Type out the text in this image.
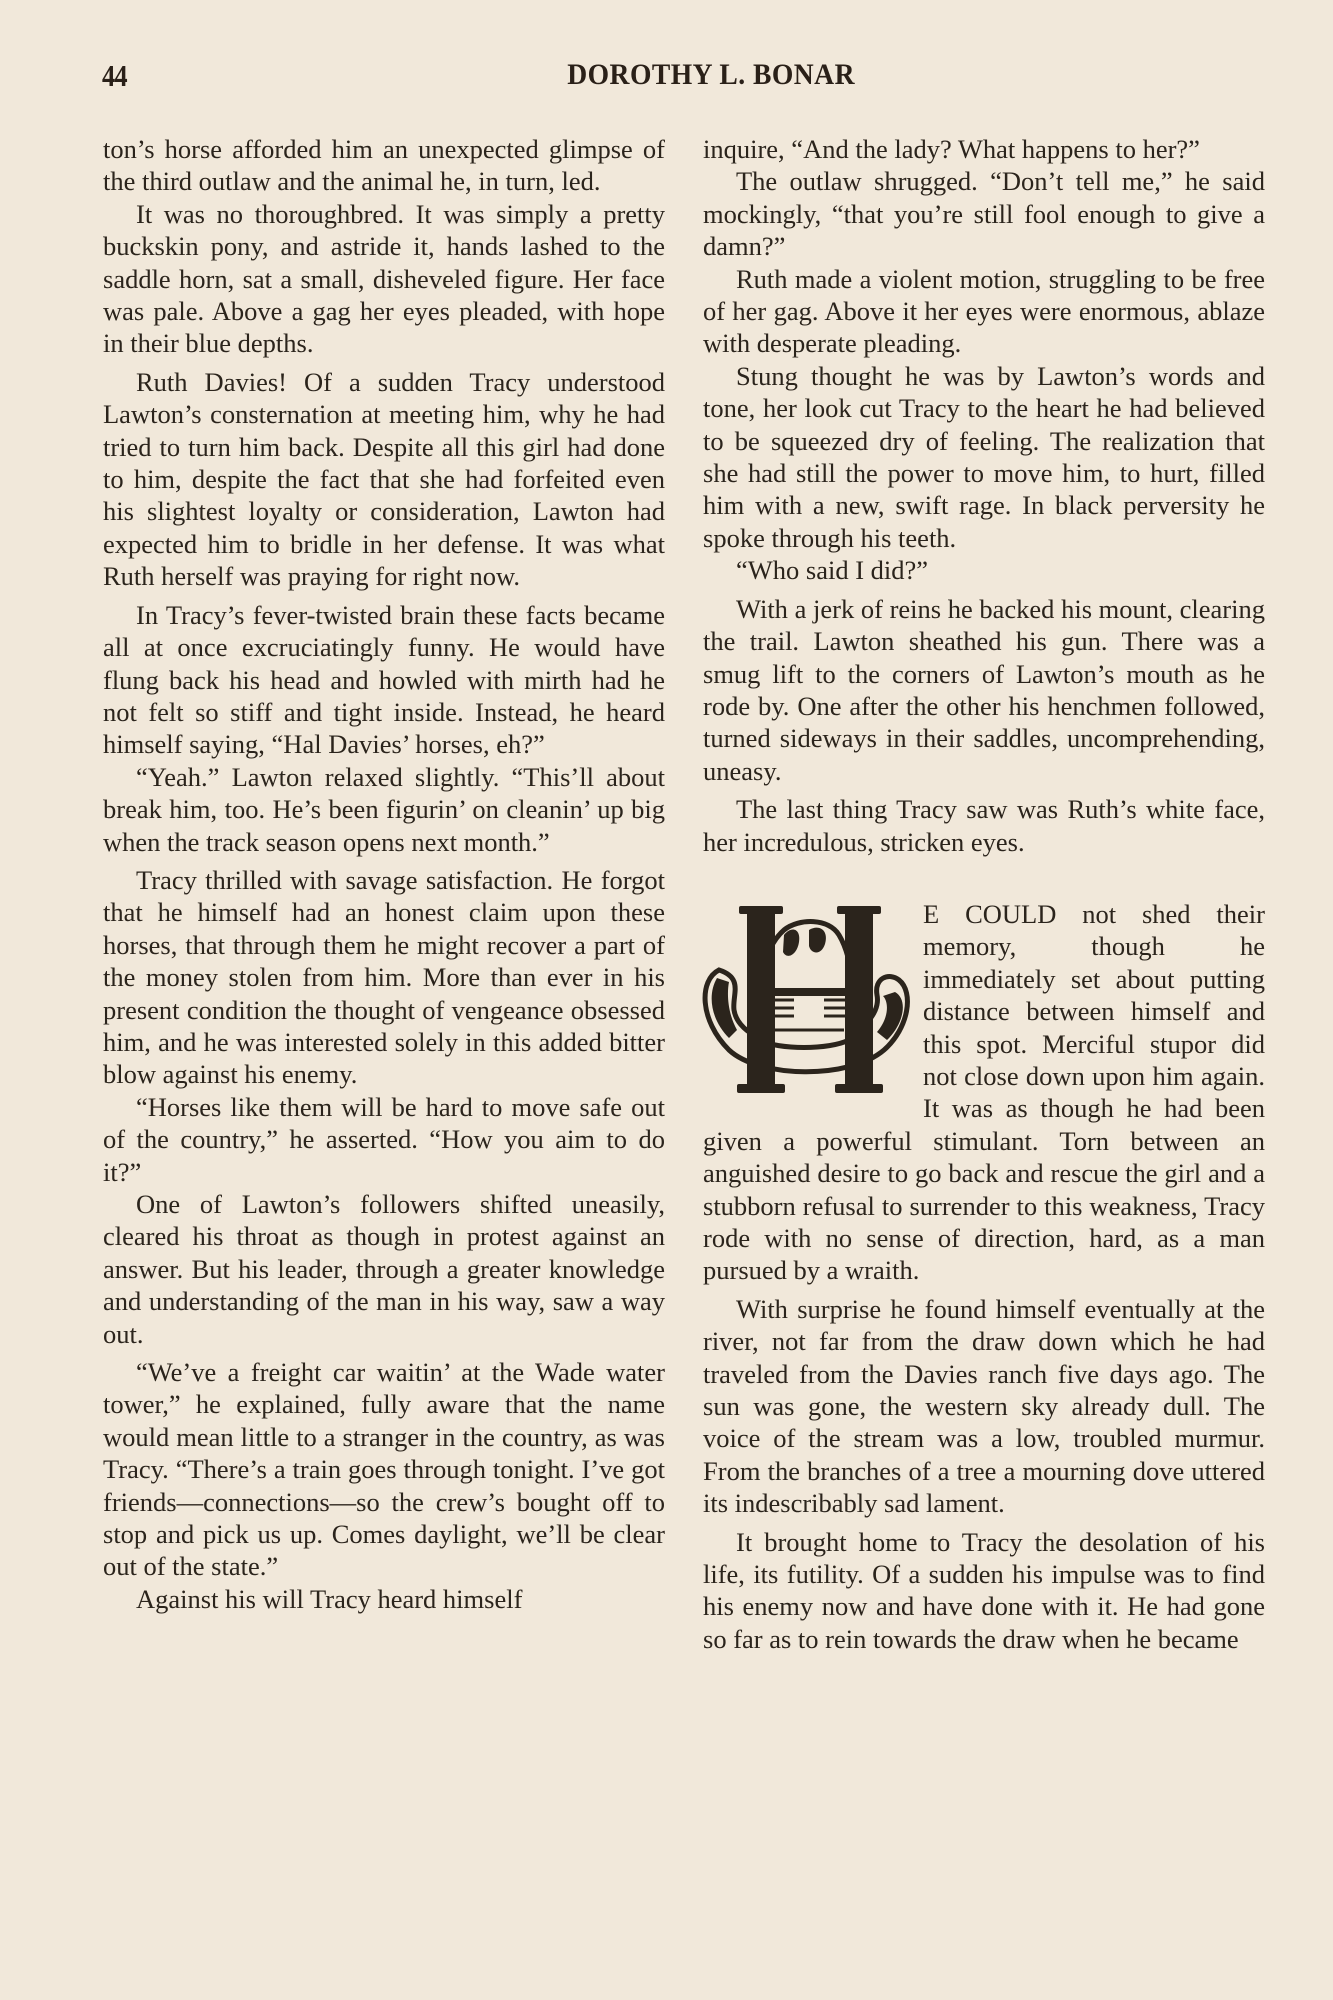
44	DOROTHY L. BONAR

ton’s horse afforded him an unexpected glimpse of the third outlaw and the animal he, in turn, led.

It was no thoroughbred. It was simply a pretty buckskin pony, and astride it, hands lashed to the saddle horn, sat a small, disheveled figure. Her face was pale. Above a gag her eyes pleaded, with hope in their blue depths.

Ruth Davies! Of a sudden Tracy understood Lawton’s consternation at meeting him, why he had tried to turn him back. Despite all this girl had done to him, despite the fact that she had forfeited even his slightest loyalty or consideration, Lawton had expected him to bridle in her defense. It was what Ruth herself was praying for right now.

In Tracy’s fever-twisted brain these facts became all at once excruciatingly funny. He would have flung back his head and howled with mirth had he not felt so stiff and tight inside. Instead, he heard himself saying, “Hal Davies’ horses, eh?”

“Yeah.” Lawton relaxed slightly. “This’ll about break him, too. He’s been figurin’ on cleanin’ up big when the track season opens next month.”

Tracy thrilled with savage satisfaction. He forgot that he himself had an honest claim upon these horses, that through them he might recover a part of the money stolen from him. More than ever in his present condition the thought of vengeance obsessed him, and he was interested solely in this added bitter blow against his enemy.

“Horses like them will be hard to move safe out of the country,” he asserted. “How you aim to do it?”

One of Lawton’s followers shifted uneasily, cleared his throat as though in protest against an answer. But his leader, through a greater knowledge and understanding of the man in his way, saw a way out.

“We’ve a freight car waitin’ at the Wade water tower,” he explained, fully aware that the name would mean little to a stranger in the country, as was Tracy. “There’s a train goes through tonight. I’ve got friends—connections—so the crew’s bought off to stop and pick us up. Comes daylight, we’ll be clear out of the state.”

Against his will Tracy heard himself

inquire, “And the lady? What happens to her?”

The outlaw shrugged. “Don’t tell me,” he said mockingly, “that you’re still fool enough to give a damn?”

Ruth made a violent motion, struggling to be free of her gag. Above it her eyes were enormous, ablaze with desperate pleading.

Stung thought he was by Lawton’s words and tone, her look cut Tracy to the heart he had believed to be squeezed dry of feeling. The realization that she had still the power to move him, to hurt, filled him with a new, swift rage. In black perversity he spoke through his teeth.

“Who said I did?”

With a jerk of reins he backed his mount, clearing the trail. Lawton sheathed his gun. There was a smug lift to the corners of Lawton’s mouth as he rode by. One after the other his henchmen followed, turned sideways in their saddles, uncomprehending, uneasy.

The last thing Tracy saw was Ruth’s white face, her incredulous, stricken eyes.

E COULD not shed their memory, though he immediately set about putting distance between himself and this spot. Merciful stupor did not close down upon him again. It was as though he had been given a powerful stimulant. Torn between an anguished desire to go back and rescue the girl and a stubborn refusal to surrender to this weakness, Tracy rode with no sense of direction, hard, as a man pursued by a wraith.

With surprise he found himself eventually at the river, not far from the draw down which he had traveled from the Davies ranch five days ago. The sun was gone, the western sky already dull. The voice of the stream was a low, troubled murmur. From the branches of a tree a mourning dove uttered its indescribably sad lament.

It brought home to Tracy the desolation of his life, its futility. Of a sudden his impulse was to find his enemy now and have done with it. He had gone so far as to rein towards the draw when he became
